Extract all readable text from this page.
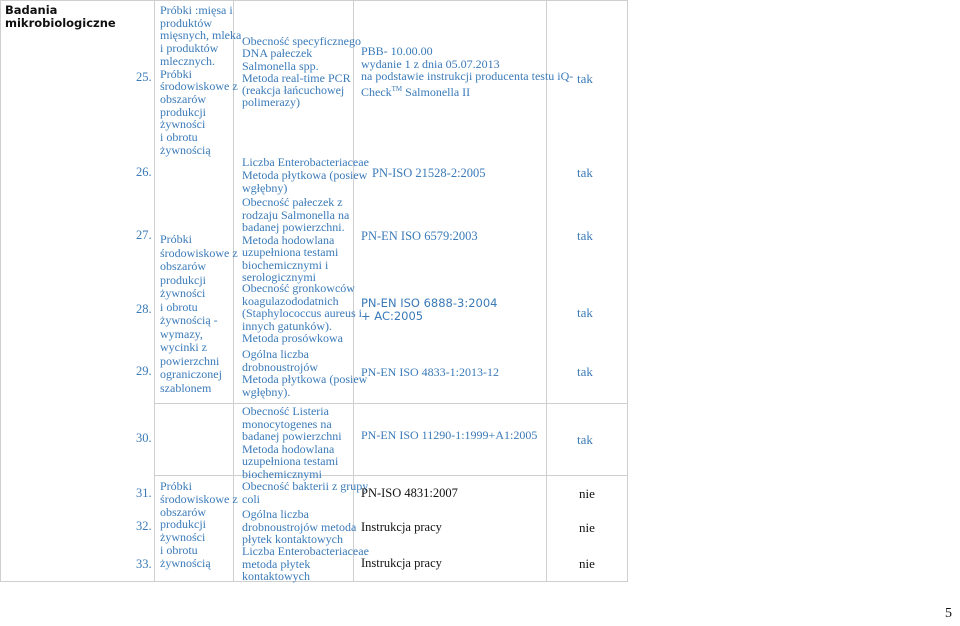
Badania
mikrobiologiczne
25.
26.
27.
28.
29.
30.
31.
32.
33.
Próbki :mięsa i
produktów
mięsnych, mleka
i produktów
mlecznych.
Próbki
środowiskowe z
obszarów
produkcji
żywności
i obrotu
żywnością
Próbki
środowiskowe z
obszarów
produkcji
żywności
i obrotu
żywnością -
wymazy,
wycinki z
powierzchni
ograniczonej
szablonem
Próbki
środowiskowe z
obszarów
produkcji
żywności
i obrotu
żywnością
Obecność specyficznego
DNA pałeczek
Salmonella spp.
Metoda real-time PCR
(reakcja łańcuchowej
polimerazy)
Liczba Enterobacteriaceae
Metoda płytkowa (posiew
wgłębny)
Obecność pałeczek z
rodzaju Salmonella na
badanej powierzchni.
Metoda hodowlana
uzupełniona testami
biochemicznymi i
serologicznymi
Obecność gronkowców
koagulazododatnich
(Staphylococcus aureus i
innych gatunków).
Metoda prosówkowa
Ogólna liczba
drobnoustrojów
Metoda płytkowa (posiew
wgłębny).
Obecność Listeria
monocytogenes na
badanej powierzchni
Metoda hodowlana
uzupełniona testami
biochemicznymi
Obecność bakterii z grupy
coli
Ogólna liczba
drobnoustrojów metoda
płytek kontaktowych
Liczba Enterobacteriaceae
metoda płytek
kontaktowych
PBB- 10.00.00
wydanie 1 z dnia 05.07.2013
na podstawie instrukcji producenta testu iQ-
Check™ Salmonella II
PN-ISO 21528-2:2005
PN-EN ISO 6579:2003
PN-EN ISO 6888-3:2004
+ AC:2005
PN-EN ISO 4833-1:2013-12
PN-EN ISO 11290-1:1999+A1:2005
PN-ISO 4831:2007
Instrukcja pracy
Instrukcja pracy
tak
tak
tak
tak
tak
tak
nie
nie
nie
5
